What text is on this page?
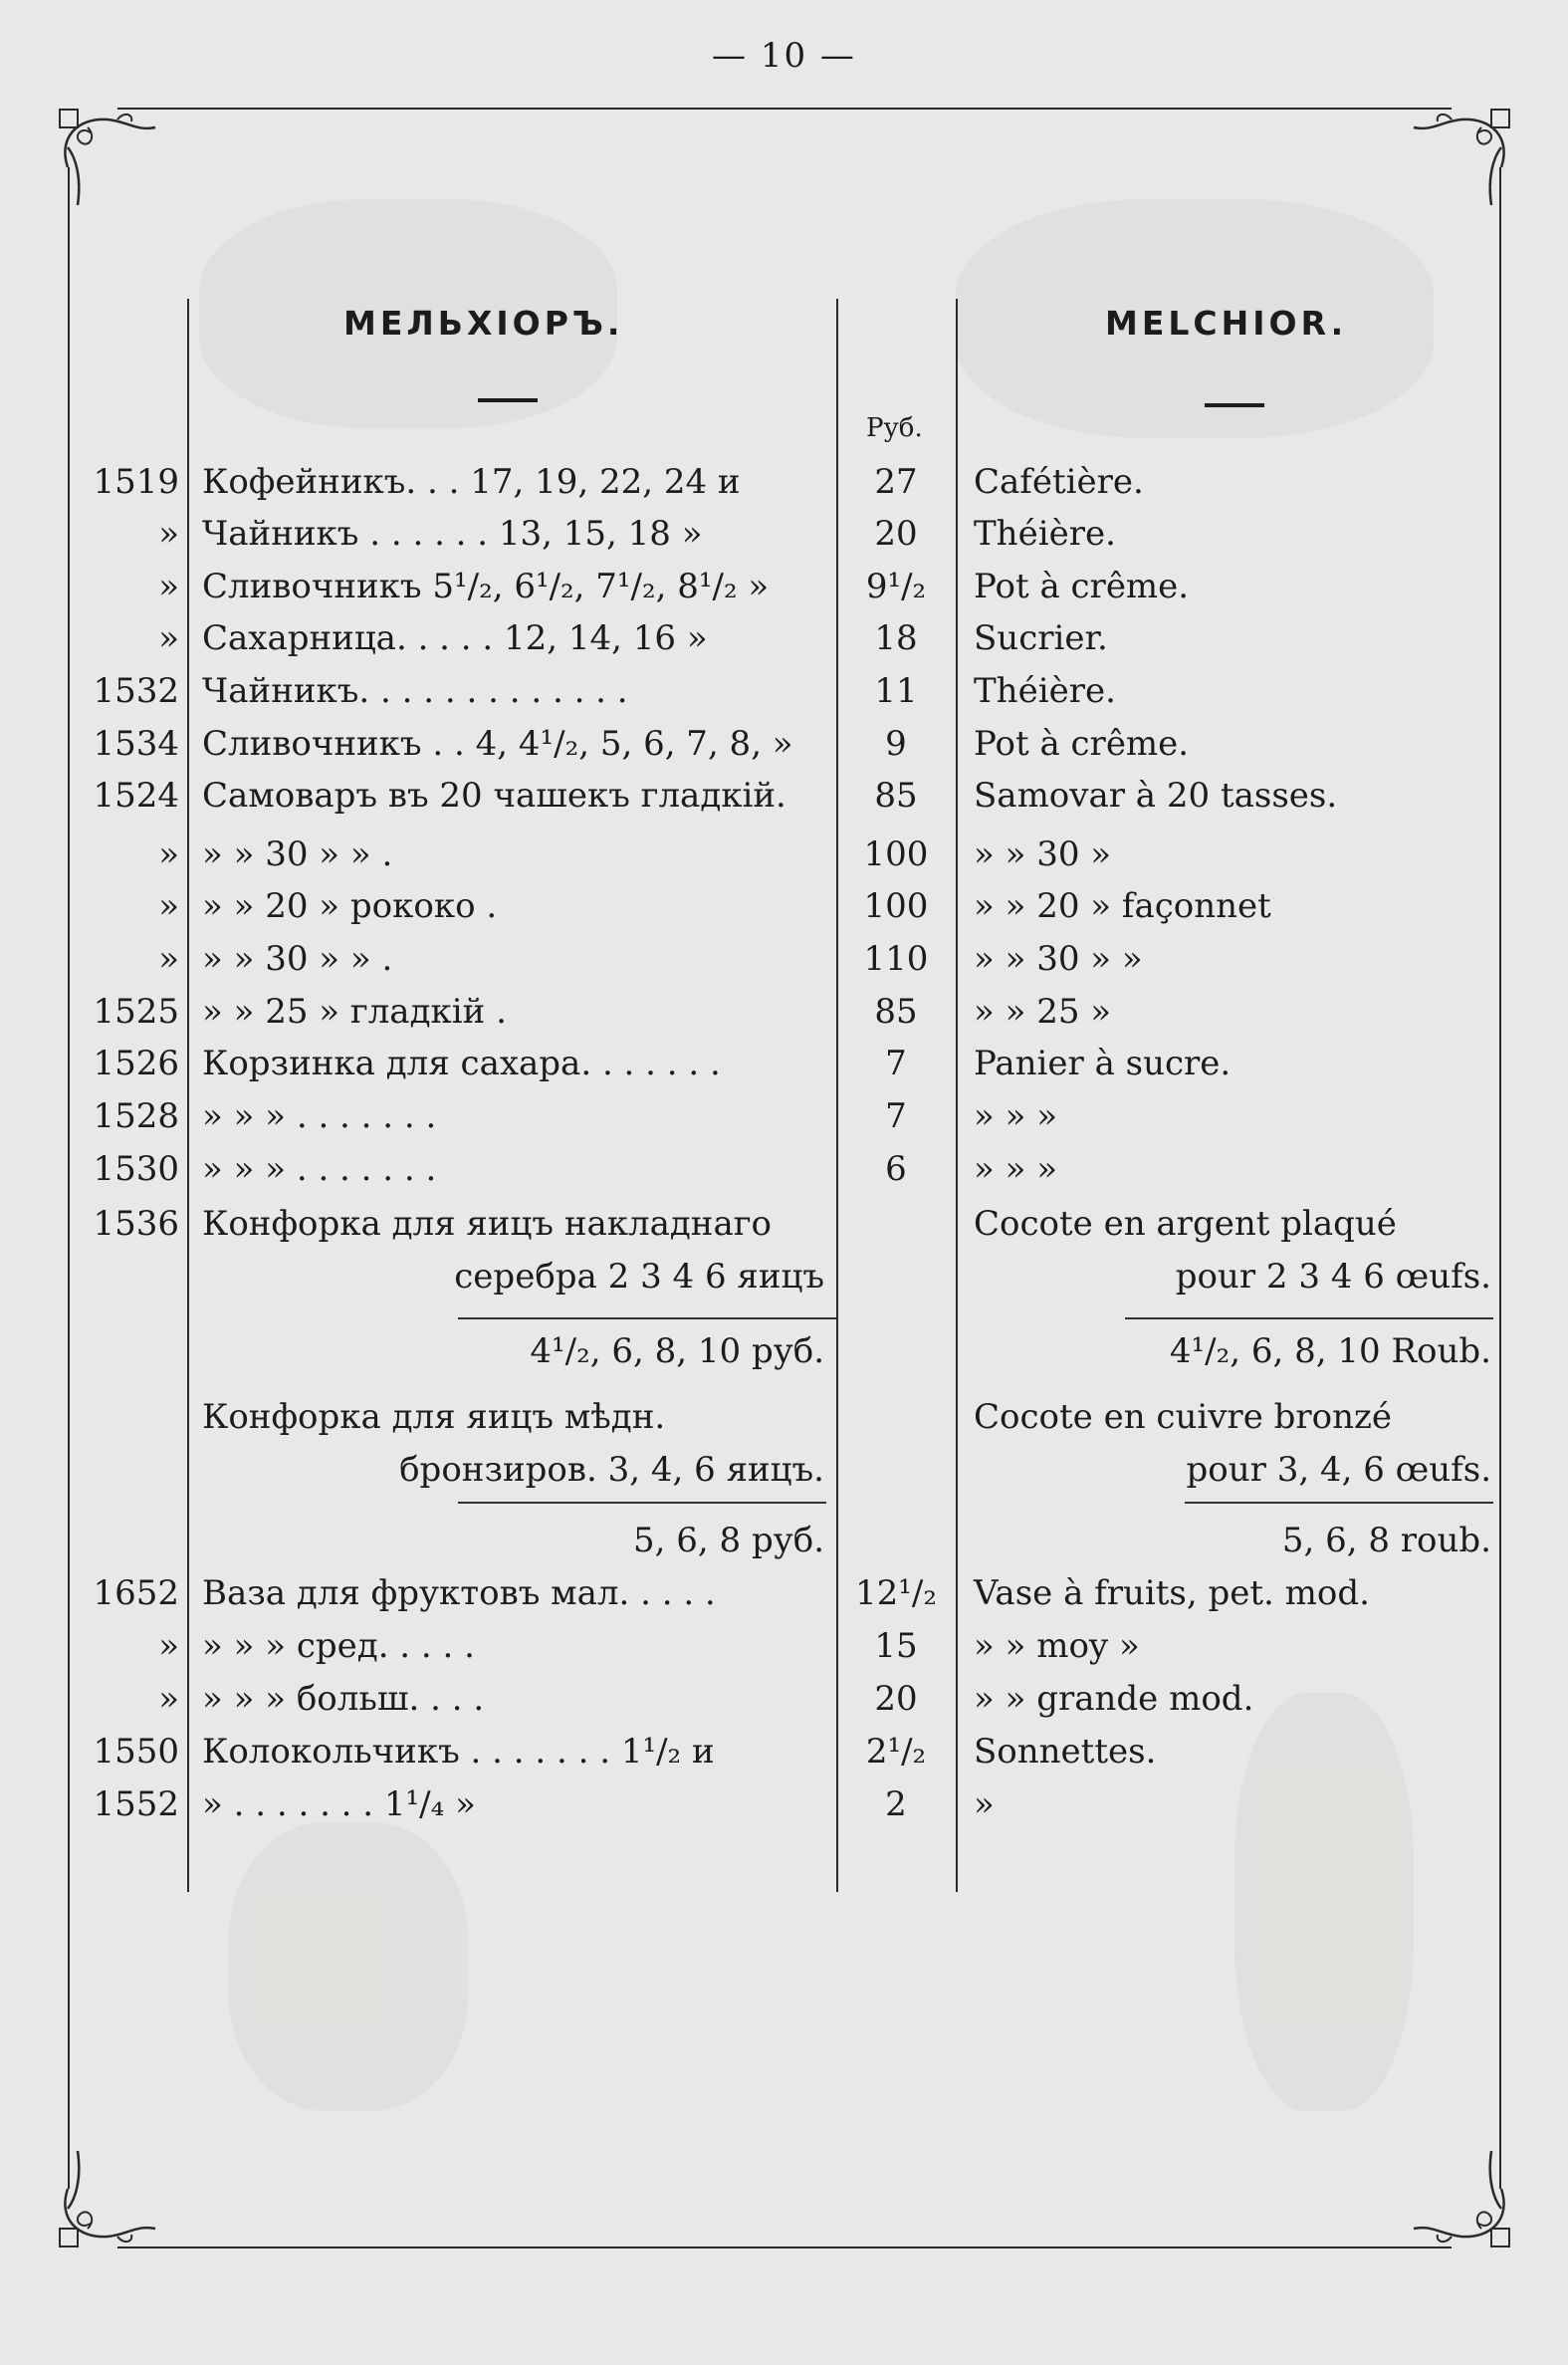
— 10 —
МЕЛЬХIОРЪ.	MELCHIOR.
Руб.
1519 Кофейникъ. . . 17, 19, 22, 24 и	27	Cafétière.
» Чайникъ . . . . . . 13, 15, 18 »	20	Théière.
» Сливочникъ 5¹/₂, 6¹/₂, 7¹/₂, 8¹/₂ »	9¹/₂	Pot à crême.
» Сахарница. . . . . 12, 14, 16 »	18	Sucrier.
1532 Чайникъ. . . . . . . . . . . . .	11	Théière.
1534 Сливочникъ . . 4, 4¹/₂, 5, 6, 7, 8, »	9	Pot à crême.
1524 Самоваръ въ 20 чашекъ гладкiй.	85	Samovar à 20 tasses.
» » » 30 » » .	100	» » 30 »
» » » 20 » рококо .	100	» » 20 » façonnet
» » » 30 » » .	110	» » 30 » »
1525 » » 25 » гладкiй .	85	» » 25 »
1526 Корзинка для сахара. . . . . . .	7	Panier à sucre.
1528 » » » . . . . . . .	7	» » »
1530 » » » . . . . . . .	6	» » »
1536 Конфорка для яицъ накладнаго	Cocote en argent plaqué
серебра 2 3 4 6 яицъ	pour 2 3 4 6 œufs.
4¹/₂, 6, 8, 10 руб.	4¹/₂, 6, 8, 10 Roub.
Конфорка для яицъ мѣдн.	Cocote en cuivre bronzé
бронзиров. 3, 4, 6 яицъ.	pour 3, 4, 6 œufs.
5, 6, 8 руб.	5, 6, 8 roub.
1652 Ваза для фруктовъ мал. . . . .	12¹/₂ Vase à fruits, pet. mod.
» » » » сред. . . . .	15	» » moy »
» » » » больш. . . .	20	» » grande mod.
1550 Колокольчикъ . . . . . . . 1¹/₂ и	2¹/₂	Sonnettes.
1552 » . . . . . . . 1¹/₄ »	2	»
